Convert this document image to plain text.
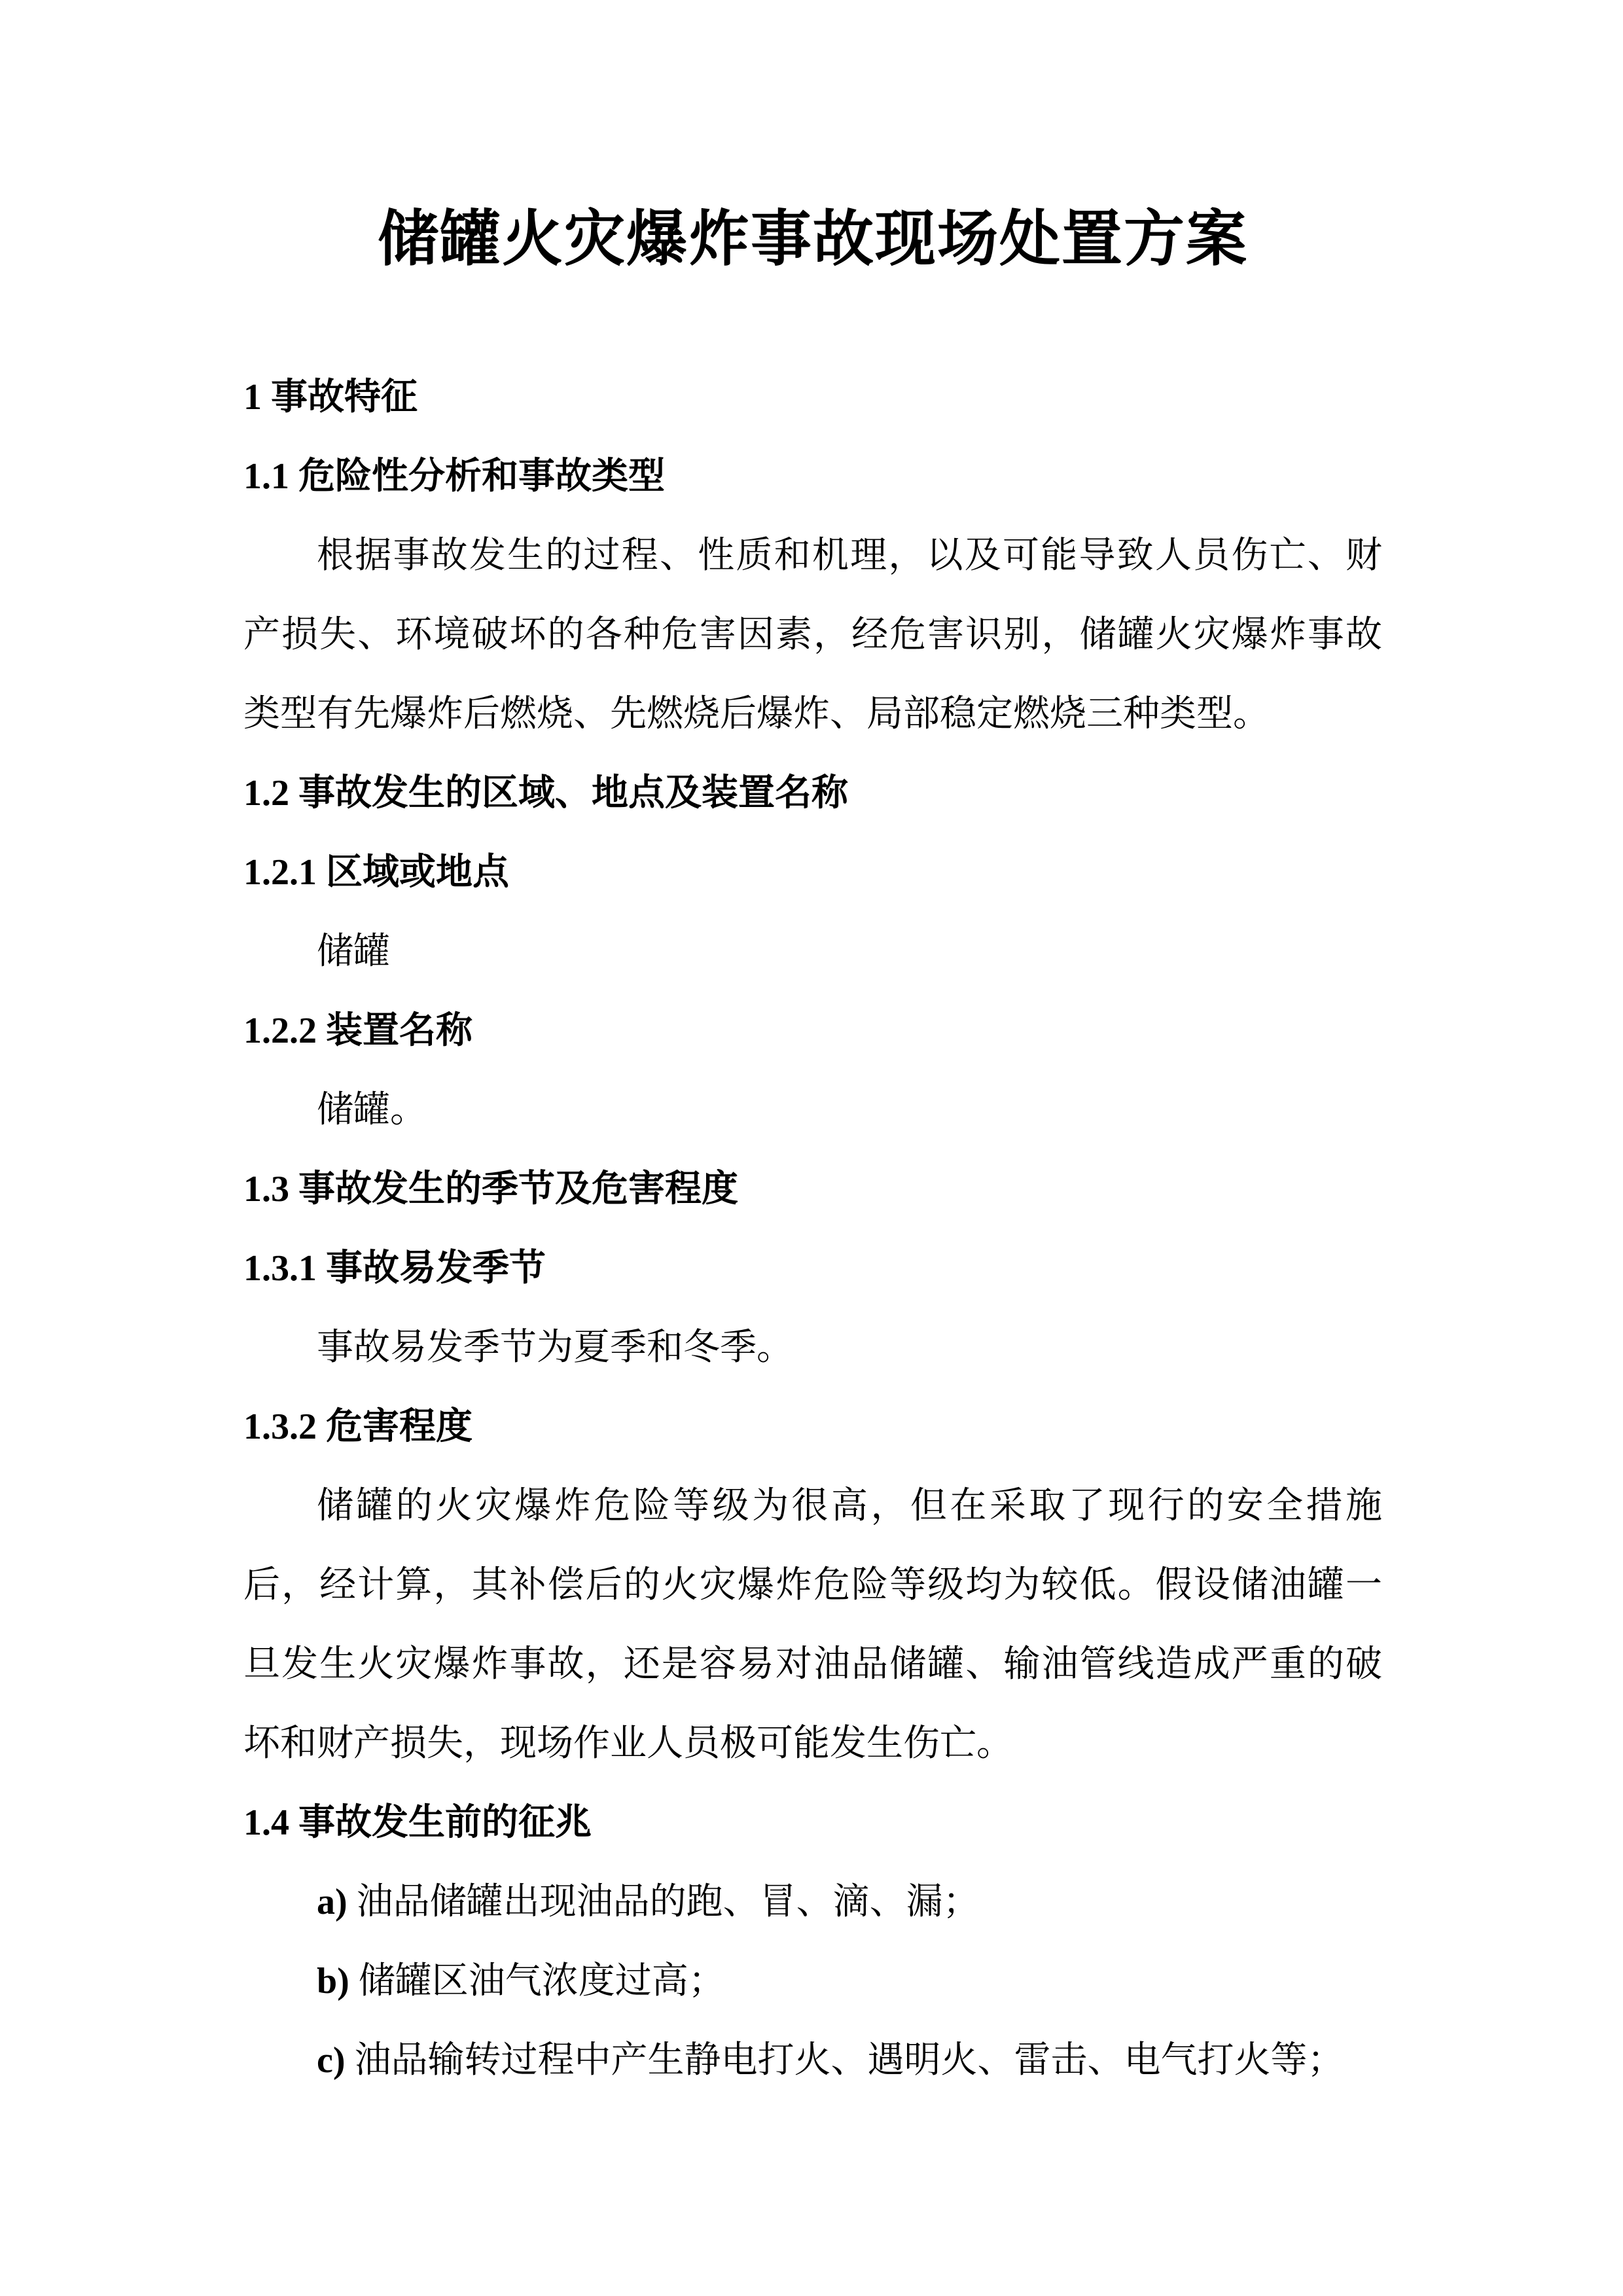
储罐火灾爆炸事故现场处置方案
1 事故特征
1.1 危险性分析和事故类型
根据事故发生的过程、性质和机理，以及可能导致人员伤亡、财
产损失、环境破坏的各种危害因素，经危害识别，储罐火灾爆炸事故
类型有先爆炸后燃烧、先燃烧后爆炸、局部稳定燃烧三种类型。
1.2 事故发生的区域、地点及装置名称
1.2.1 区域或地点
储罐
1.2.2 装置名称
储罐。
1.3 事故发生的季节及危害程度
1.3.1 事故易发季节
事故易发季节为夏季和冬季。
1.3.2 危害程度
储罐的火灾爆炸危险等级为很高，但在采取了现行的安全措施
后，经计算，其补偿后的火灾爆炸危险等级均为较低。假设储油罐一
旦发生火灾爆炸事故，还是容易对油品储罐、输油管线造成严重的破
坏和财产损失，现场作业人员极可能发生伤亡。
1.4 事故发生前的征兆
a) 油品储罐出现油品的跑、冒、滴、漏；
b) 储罐区油气浓度过高；
c) 油品输转过程中产生静电打火、遇明火、雷击、电气打火等；
